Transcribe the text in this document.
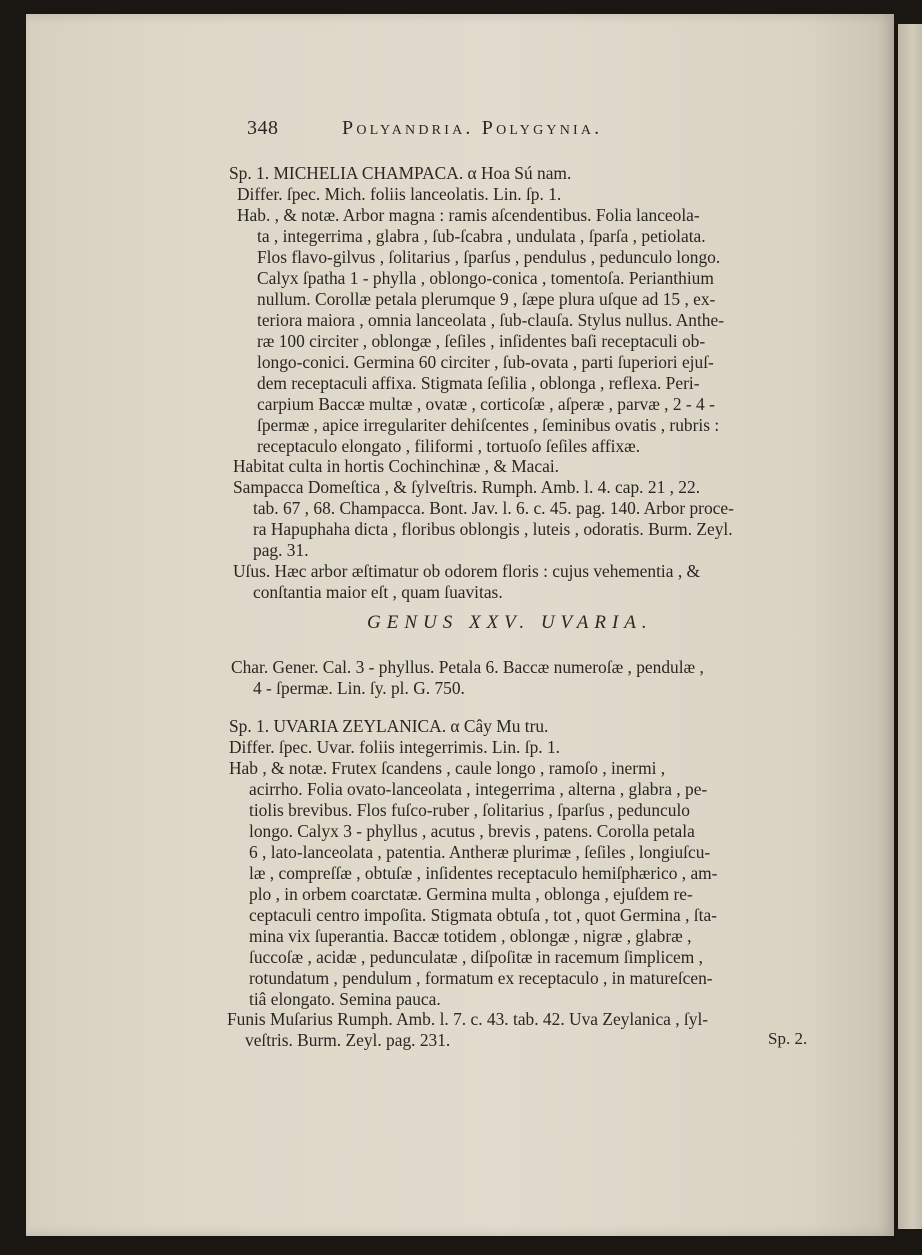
348	Polyandria. Polygynia.
Sp. 1. MICHELIA CHAMPACA. α Hoa Sú nam.
Differ. ſpec. Mich. foliis lanceolatis. Lin. ſp. 1.
Hab. , & notæ. Arbor magna : ramis aſcendentibus. Folia lanceola-
ta , integerrima , glabra , ſub-ſcabra , undulata , ſparſa , petiolata.
Flos flavo-gilvus , ſolitarius , ſparſus , pendulus , pedunculo longo.
Calyx ſpatha 1 - phylla , oblongo-conica , tomentoſa. Perianthium
nullum. Corollæ petala plerumque 9 , ſæpe plura uſque ad 15 , ex-
teriora maiora , omnia lanceolata , ſub-clauſa. Stylus nullus. Anthe-
ræ 100 circiter , oblongæ , ſeſiles , inſidentes baſi receptaculi ob-
longo-conici. Germina 60 circiter , ſub-ovata , parti ſuperiori ejuſ-
dem receptaculi affixa. Stigmata ſeſilia , oblonga , reflexa. Peri-
carpium Baccæ multæ , ovatæ , corticoſæ , aſperæ , parvæ , 2 - 4 -
ſpermæ , apice irregulariter dehiſcentes , ſeminibus ovatis , rubris :
receptaculo elongato , filiformi , tortuoſo ſeſiles affixæ.
Habitat culta in hortis Cochinchinæ , & Macai.
Sampacca Domeſtica , & ſylveſtris. Rumph. Amb. l. 4. cap. 21 , 22.
tab. 67 , 68. Champacca. Bont. Jav. l. 6. c. 45. pag. 140. Arbor proce-
ra Hapuphaha dicta , floribus oblongis , luteis , odoratis. Burm. Zeyl.
pag. 31.
Uſus. Hæc arbor æſtimatur ob odorem floris : cujus vehementia , &
conſtantia maior eſt , quam ſuavitas.
GENUS XXV. UVARIA.
Char. Gener. Cal. 3 - phyllus. Petala 6. Baccæ numeroſæ , pendulæ ,
4 - ſpermæ. Lin. ſy. pl. G. 750.
Sp. 1. UVARIA ZEYLANICA. α Cây Mu tru.
Differ. ſpec. Uvar. foliis integerrimis. Lin. ſp. 1.
Hab , & notæ. Frutex ſcandens , caule longo , ramoſo , inermi ,
acirrho. Folia ovato-lanceolata , integerrima , alterna , glabra , pe-
tiolis brevibus. Flos fuſco-ruber , ſolitarius , ſparſus , pedunculo
longo. Calyx 3 - phyllus , acutus , brevis , patens. Corolla petala
6 , lato-lanceolata , patentia. Antheræ plurimæ , ſeſiles , longiuſcu-
læ , compreſſæ , obtuſæ , inſidentes receptaculo hemiſphærico , am-
plo , in orbem coarctatæ. Germina multa , oblonga , ejuſdem re-
ceptaculi centro impoſita. Stigmata obtuſa , tot , quot Germina , ſta-
mina vix ſuperantia. Baccæ totidem , oblongæ , nigræ , glabræ ,
ſuccoſæ , acidæ , pedunculatæ , diſpoſitæ in racemum ſimplicem ,
rotundatum , pendulum , formatum ex receptaculo , in matureſcen-
tiâ elongato. Semina pauca.
Funis Muſarius Rumph. Amb. l. 7. c. 43. tab. 42. Uva Zeylanica , ſyl-
veſtris. Burm. Zeyl. pag. 231.	Sp. 2.
